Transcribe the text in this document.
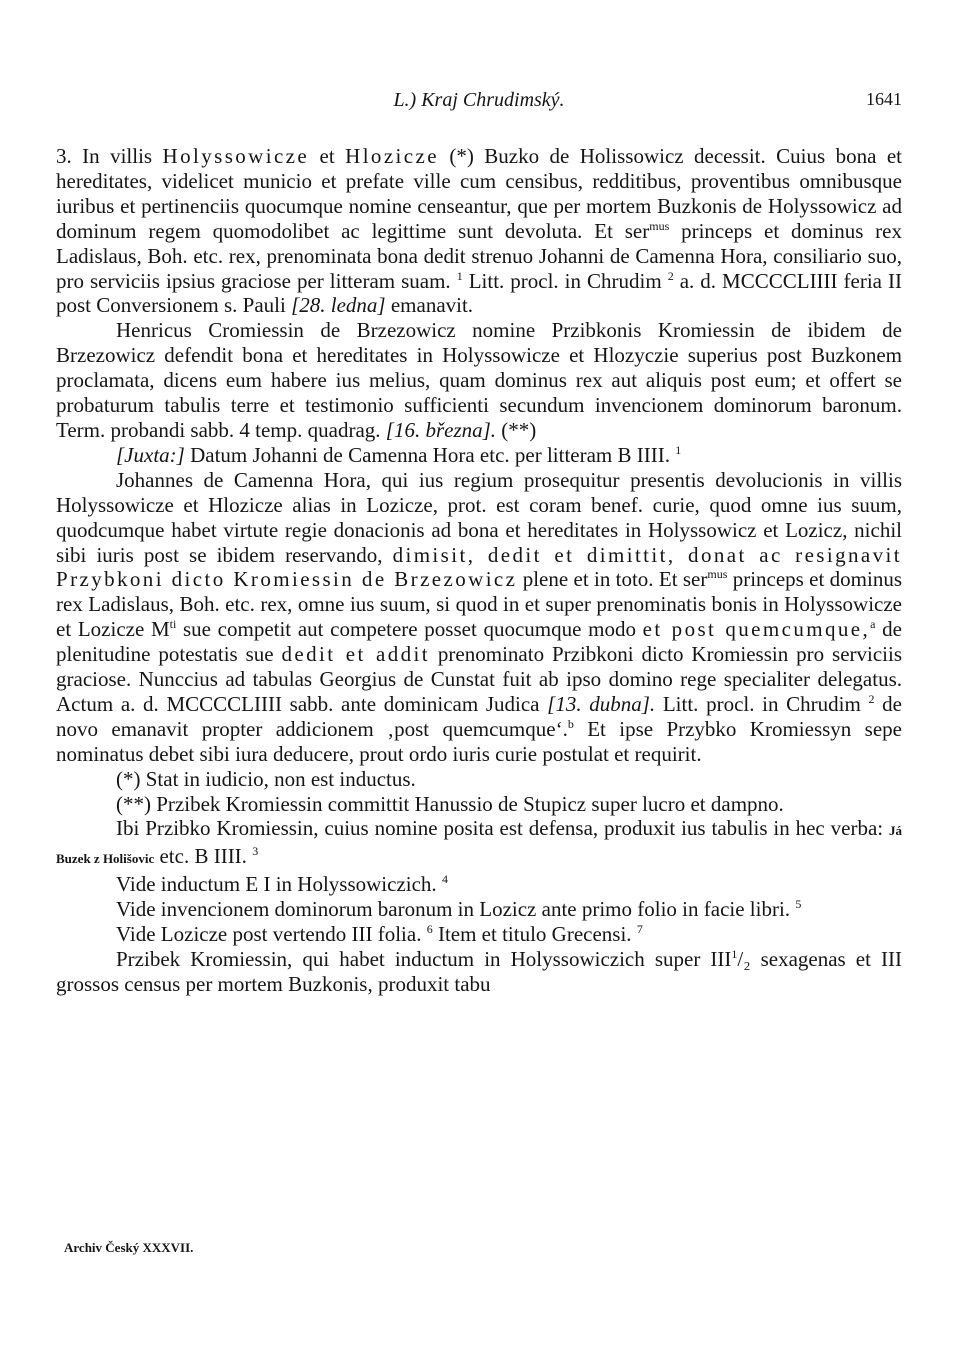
L.) Kraj Chrudimský.	1641

3. In villis Holyssowicze et Hlozicze (*) Buzko de Holissowicz decessit. Cuius bona et hereditates, videlicet municio et prefate ville cum censibus, redditibus, proventibus omnibusque iuribus et pertinenciis quocumque nomine censeantur, que per mortem Buzkonis de Holyssowicz ad dominum regem quomodolibet ac legittime sunt devoluta. Et ser$^{mus}$ princeps et dominus rex Ladislaus, Boh. etc. rex, prenominata bona dedit strenuo Johanni de Camenna Hora, consiliario suo, pro serviciis ipsius graciose per litteram suam. $^1$ Litt. procl. in Chrudim $^2$ a. d. MCCCCLIIII feria II post Conversionem s. Pauli [28. ledna] emanavit.

Henricus Cromiessin de Brzezowicz nomine Przibkonis Kromiessin de ibidem de Brzezowicz defendit bona et hereditates in Holyssowicze et Hlozyczie superius post Buzkonem proclamata, dicens eum habere ius melius, quam dominus rex aut aliquis post eum; et offert se probaturum tabulis terre et testimonio sufficienti secundum invencionem dominorum baronum. Term. probandi sabb. 4 temp. quadrag. [16. března]. (**)

[Juxta:] Datum Johanni de Camenna Hora etc. per litteram B IIII. $^1$

Johannes de Camenna Hora, qui ius regium prosequitur presentis devolucionis in villis Holyssowicze et Hlozicze alias in Lozicze, prot. est coram benef. curie, quod omne ius suum, quodcumque habet virtute regie donacionis ad bona et hereditates in Holyssowicz et Lozicz, nichil sibi iuris post se ibidem reservando, dimisit, dedit et dimittit, donat ac resignavit Przybkoni dicto Kromiessin de Brzezowicz plene et in toto. Et ser$^{mus}$ princeps et dominus rex Ladislaus, Boh. etc. rex, omne ius suum, si quod in et super prenominatis bonis in Holyssowicze et Lozicze $M^{ti}$ sue competit aut competere posset quocumque modo et post quemcumque,$^a$ de plenitudine potestatis sue dedit et addit prenominato Przibkoni dicto Kromiessin pro serviciis graciose. Nunccius ad tabulas Georgius de Cunstat fuit ab ipso domino rege specialiter delegatus. Actum a. d. MCCCCLIIII sabb. ante dominicam Judica [13. dubna]. Litt. procl. in Chrudim $^2$ de novo emanavit propter addicionem ‚post quemcumque‘.$^b$ Et ipse Przybko Kromiessyn sepe nominatus debet sibi iura deducere, prout ordo iuris curie postulat et requirit.

(*) Stat in iudicio, non est inductus.

(**) Przibek Kromiessin committit Hanussio de Stupicz super lucro et dampno.

Ibi Przibko Kromiessin, cuius nomine posita est defensa, produxit ius tabulis in hec verba: Já Buzek z Holišovic etc. B IIII. $^3$

Vide inductum E I in Holyssowiczich. $^4$

Vide invencionem dominorum baronum in Lozicz ante primo folio in facie libri. $^5$

Vide Lozicze post vertendo III folia. $^6$ Item et titulo Grecensi. $^7$

Przibek Kromiessin, qui habet inductum in Holyssowiczich super III$^1$/₂ sexagenas et III grossos census per mortem Buzkonis, produxit tabu

Archiv Český XXXVII.
